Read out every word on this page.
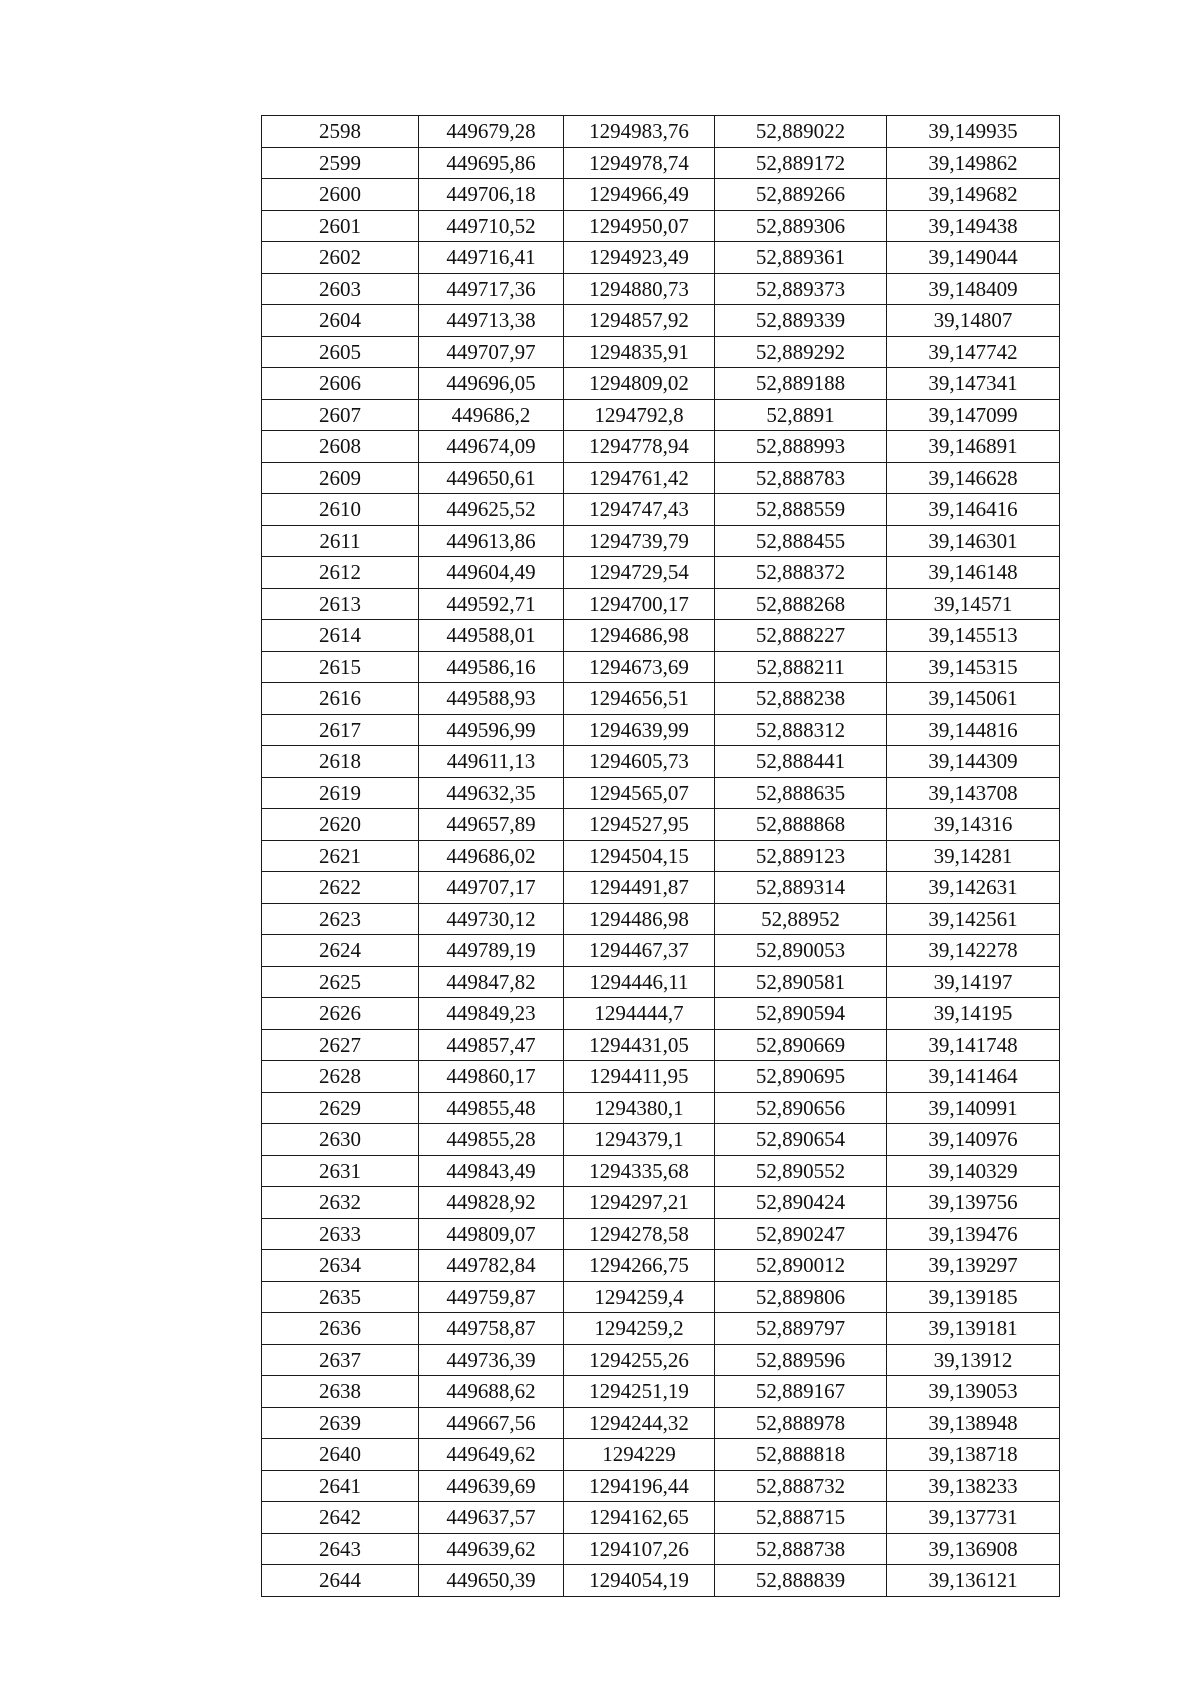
2598	449679,28	1294983,76	52,889022	39,149935
2599	449695,86	1294978,74	52,889172	39,149862
2600	449706,18	1294966,49	52,889266	39,149682
2601	449710,52	1294950,07	52,889306	39,149438
2602	449716,41	1294923,49	52,889361	39,149044
2603	449717,36	1294880,73	52,889373	39,148409
2604	449713,38	1294857,92	52,889339	39,14807
2605	449707,97	1294835,91	52,889292	39,147742
2606	449696,05	1294809,02	52,889188	39,147341
2607	449686,2	1294792,8	52,8891	39,147099
2608	449674,09	1294778,94	52,888993	39,146891
2609	449650,61	1294761,42	52,888783	39,146628
2610	449625,52	1294747,43	52,888559	39,146416
2611	449613,86	1294739,79	52,888455	39,146301
2612	449604,49	1294729,54	52,888372	39,146148
2613	449592,71	1294700,17	52,888268	39,14571
2614	449588,01	1294686,98	52,888227	39,145513
2615	449586,16	1294673,69	52,888211	39,145315
2616	449588,93	1294656,51	52,888238	39,145061
2617	449596,99	1294639,99	52,888312	39,144816
2618	449611,13	1294605,73	52,888441	39,144309
2619	449632,35	1294565,07	52,888635	39,143708
2620	449657,89	1294527,95	52,888868	39,14316
2621	449686,02	1294504,15	52,889123	39,14281
2622	449707,17	1294491,87	52,889314	39,142631
2623	449730,12	1294486,98	52,88952	39,142561
2624	449789,19	1294467,37	52,890053	39,142278
2625	449847,82	1294446,11	52,890581	39,14197
2626	449849,23	1294444,7	52,890594	39,14195
2627	449857,47	1294431,05	52,890669	39,141748
2628	449860,17	1294411,95	52,890695	39,141464
2629	449855,48	1294380,1	52,890656	39,140991
2630	449855,28	1294379,1	52,890654	39,140976
2631	449843,49	1294335,68	52,890552	39,140329
2632	449828,92	1294297,21	52,890424	39,139756
2633	449809,07	1294278,58	52,890247	39,139476
2634	449782,84	1294266,75	52,890012	39,139297
2635	449759,87	1294259,4	52,889806	39,139185
2636	449758,87	1294259,2	52,889797	39,139181
2637	449736,39	1294255,26	52,889596	39,13912
2638	449688,62	1294251,19	52,889167	39,139053
2639	449667,56	1294244,32	52,888978	39,138948
2640	449649,62	1294229	52,888818	39,138718
2641	449639,69	1294196,44	52,888732	39,138233
2642	449637,57	1294162,65	52,888715	39,137731
2643	449639,62	1294107,26	52,888738	39,136908
2644	449650,39	1294054,19	52,888839	39,136121
